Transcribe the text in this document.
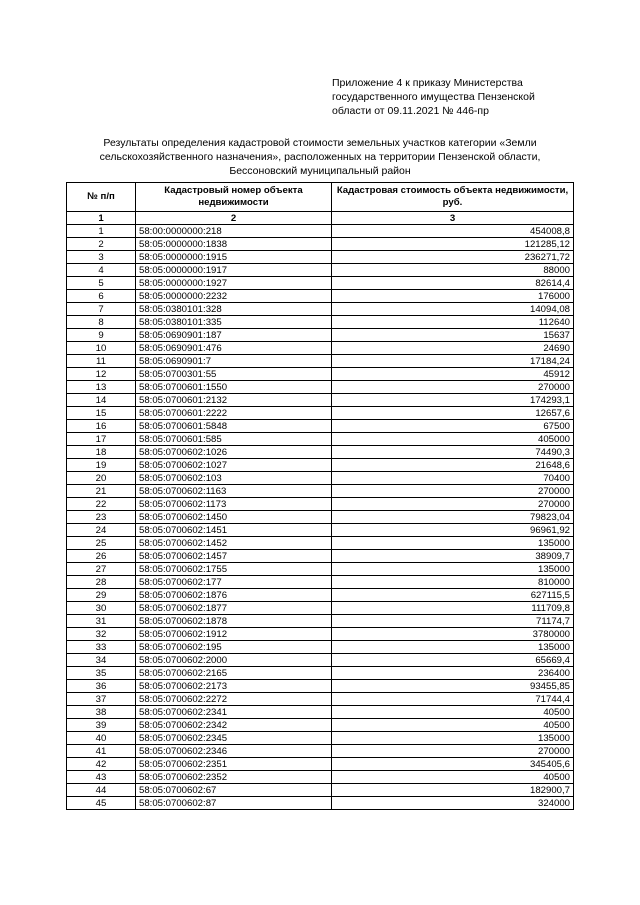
Приложение 4 к приказу Министерства
государственного имущества Пензенской
области от 09.11.2021 № 446-пр
Результаты определения кадастровой стоимости земельных участков категории «Земли
сельскохозяйственного назначения», расположенных на территории Пензенской области,
Бессоновский муниципальный район
№ п/п	Кадастровый номер объекта недвижимости	Кадастровая стоимость объекта недвижимости, руб.
1	2	3
1	58:00:0000000:218	454008,8
2	58:05:0000000:1838	121285,12
3	58:05:0000000:1915	236271,72
4	58:05:0000000:1917	88000
5	58:05:0000000:1927	82614,4
6	58:05:0000000:2232	176000
7	58:05:0380101:328	14094,08
8	58:05:0380101:335	112640
9	58:05:0690901:187	15637
10	58:05:0690901:476	24690
11	58:05:0690901:7	17184,24
12	58:05:0700301:55	45912
13	58:05:0700601:1550	270000
14	58:05:0700601:2132	174293,1
15	58:05:0700601:2222	12657,6
16	58:05:0700601:5848	67500
17	58:05:0700601:585	405000
18	58:05:0700602:1026	74490,3
19	58:05:0700602:1027	21648,6
20	58:05:0700602:103	70400
21	58:05:0700602:1163	270000
22	58:05:0700602:1173	270000
23	58:05:0700602:1450	79823,04
24	58:05:0700602:1451	96961,92
25	58:05:0700602:1452	135000
26	58:05:0700602:1457	38909,7
27	58:05:0700602:1755	135000
28	58:05:0700602:177	810000
29	58:05:0700602:1876	627115,5
30	58:05:0700602:1877	111709,8
31	58:05:0700602:1878	71174,7
32	58:05:0700602:1912	3780000
33	58:05:0700602:195	135000
34	58:05:0700602:2000	65669,4
35	58:05:0700602:2165	236400
36	58:05:0700602:2173	93455,85
37	58:05:0700602:2272	71744,4
38	58:05:0700602:2341	40500
39	58:05:0700602:2342	40500
40	58:05:0700602:2345	135000
41	58:05:0700602:2346	270000
42	58:05:0700602:2351	345405,6
43	58:05:0700602:2352	40500
44	58:05:0700602:67	182900,7
45	58:05:0700602:87	324000
